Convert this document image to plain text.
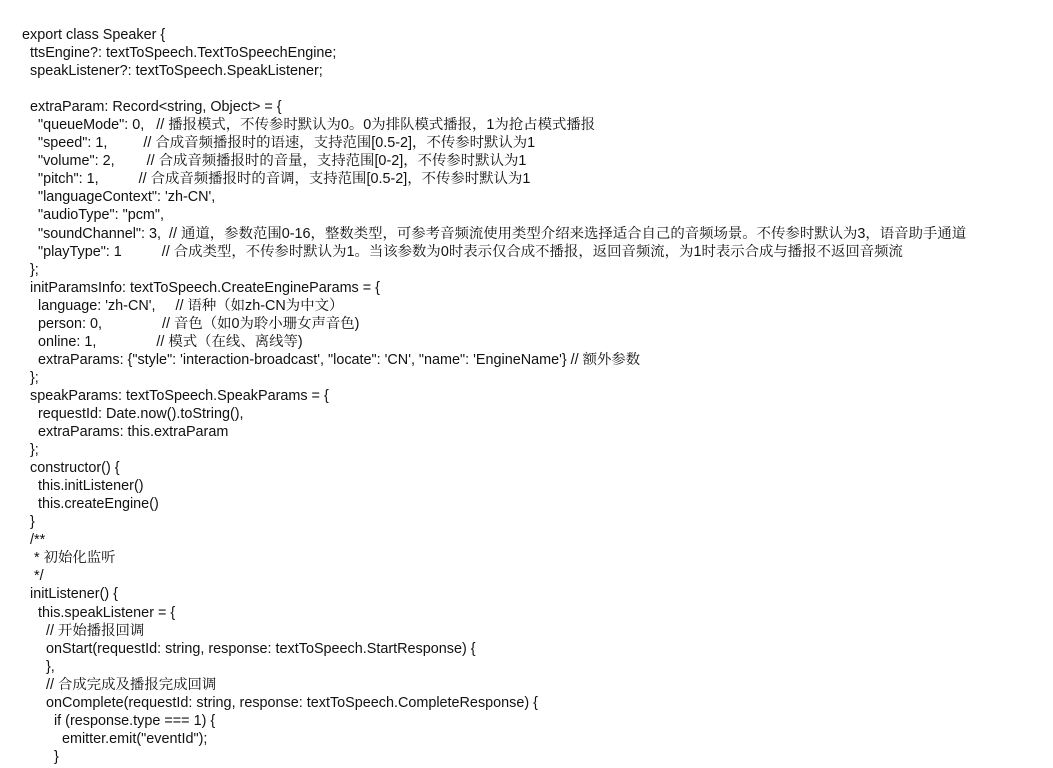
export class Speaker {
ttsEngine?: textToSpeech.TextToSpeechEngine;
speakListener?: textToSpeech.SpeakListener;
extraParam: Record<string, Object> = {
"queueMode": 0,   // 播报模式，不传参时默认为0。0为排队模式播报，1为抢占模式播报
"speed": 1,         // 合成音频播报时的语速，支持范围[0.5-2]，不传参时默认为1
"volume": 2,        // 合成音频播报时的音量，支持范围[0-2]，不传参时默认为1
"pitch": 1,          // 合成音频播报时的音调，支持范围[0.5-2]，不传参时默认为1
"languageContext": 'zh-CN',
"audioType": "pcm",
"soundChannel": 3,  // 通道，参数范围0-16，整数类型，可参考音频流使用类型介绍来选择适合自己的音频场景。不传参时默认为3，语音助手通道
"playType": 1          // 合成类型，不传参时默认为1。当该参数为0时表示仅合成不播报，返回音频流，为1时表示合成与播报不返回音频流
};
initParamsInfo: textToSpeech.CreateEngineParams = {
language: 'zh-CN',     // 语种（如zh-CN为中文）
person: 0,               // 音色（如0为聆小珊女声音色)
online: 1,               // 模式（在线、离线等)
extraParams: {"style": 'interaction-broadcast', "locate": 'CN', "name": 'EngineName'} // 额外参数
};
speakParams: textToSpeech.SpeakParams = {
requestId: Date.now().toString(),
extraParams: this.extraParam
};
constructor() {
this.initListener()
this.createEngine()
}
/**
* 初始化监听
*/
initListener() {
this.speakListener = {
// 开始播报回调
onStart(requestId: string, response: textToSpeech.StartResponse) {
},
// 合成完成及播报完成回调
onComplete(requestId: string, response: textToSpeech.CompleteResponse) {
if (response.type === 1) {
emitter.emit("eventId");
}
